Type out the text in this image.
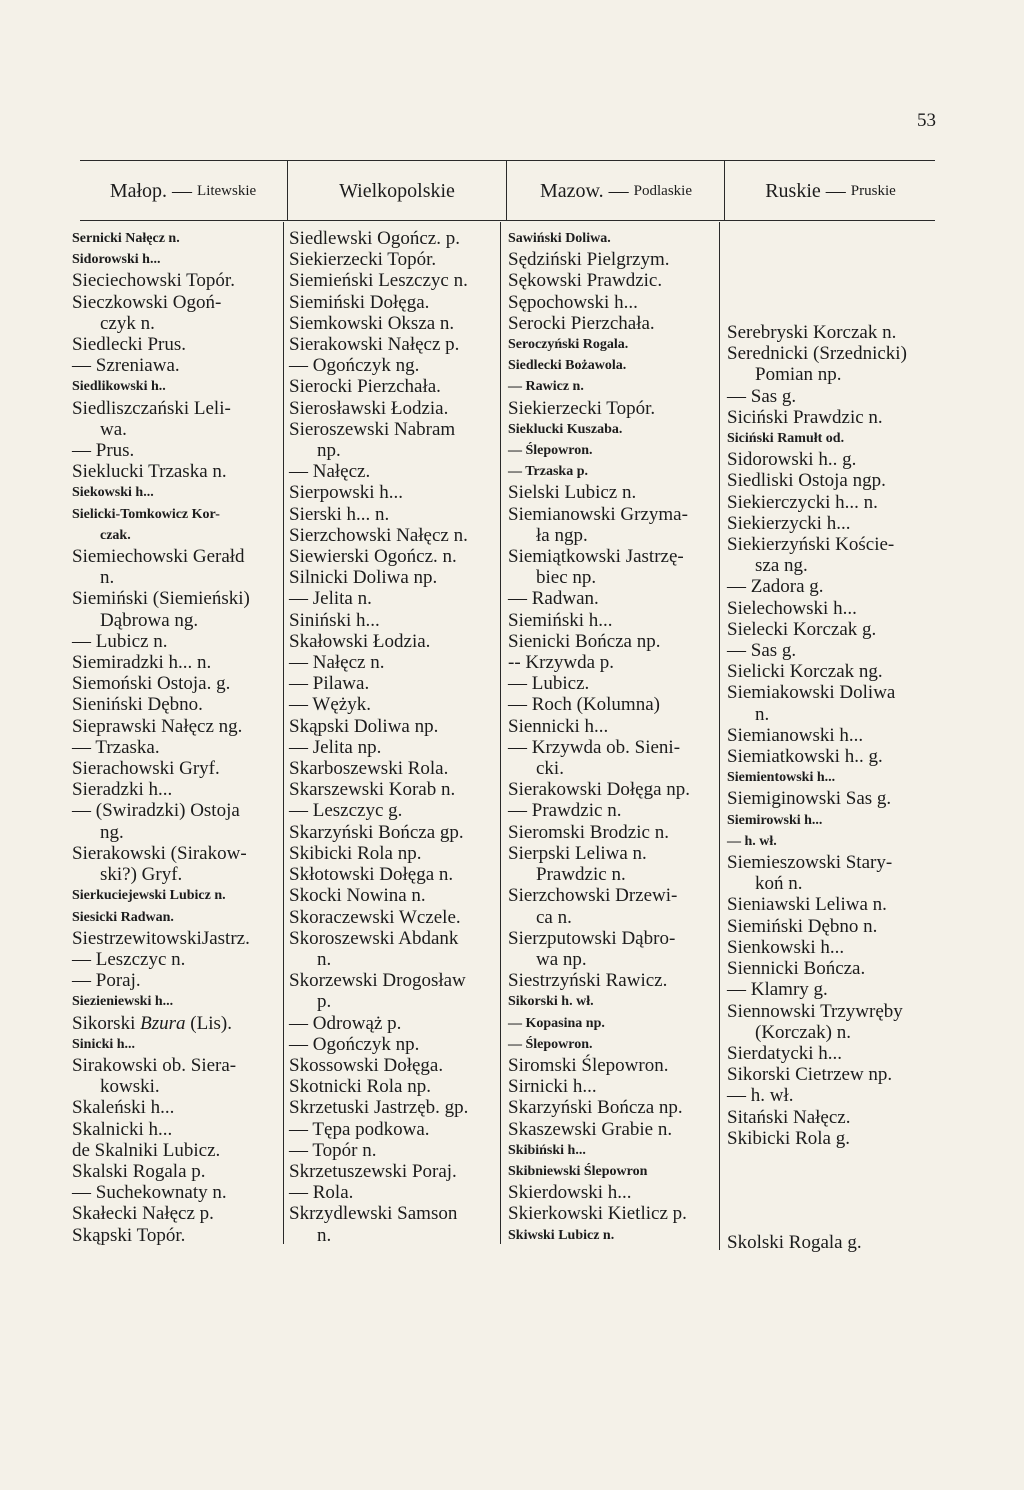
53
Małop. — Litewskie	Wielkopolskie	Mazow. — Podlaskie	Ruskie — Pruskie
Sernicki Nałęcz n.
Sidorowski h...
Sieciechowski Topór.
Sieczkowski Ogoń-
czyk n.
Siedlecki Prus.
— Szreniawa.
Siedlikowski h..
Siedliszczański Leli-
wa.
— Prus.
Sieklucki Trzaska n.
Siekowski h...
Sielicki-Tomkowicz Kor-
czak.
Siemiechowski Gerałd
n.
Siemiński (Siemieński)
Dąbrowa ng.
— Lubicz n.
Siemiradzki h... n.
Siemoński Ostoja. g.
Sieniński Dębno.
Sieprawski Nałęcz ng.
— Trzaska.
Sierachowski Gryf.
Sieradzki h...
— (Swiradzki) Ostoja
ng.
Sierakowski (Sirakow-
ski?) Gryf.
Sierkuciejewski Lubicz n.
Siesicki Radwan.
SiestrzewitowskiJastrz.
— Leszczyc n.
— Poraj.
Siezieniewski h...
Sikorski Bzura (Lis).
Sinicki h...
Sirakowski ob. Siera-
kowski.
Skaleński h...
Skalnicki h...
de Skalniki Lubicz.
Skalski Rogala p.
— Suchekownaty n.
Skałecki Nałęcz p.
Skąpski Topór.
Siedlewski Ogończ. p.
Siekierzecki Topór.
Siemieński Leszczyc n.
Siemiński Dołęga.
Siemkowski Oksza n.
Sierakowski Nałęcz p.
— Ogończyk ng.
Sierocki Pierzchała.
Sierosławski Łodzia.
Sieroszewski Nabram
np.
— Nałęcz.
Sierpowski h...
Sierski h... n.
Sierzchowski Nałęcz n.
Siewierski Ogończ. n.
Silnicki Doliwa np.
— Jelita n.
Siniński h...
Skałowski Łodzia.
— Nałęcz n.
— Pilawa.
— Wężyk.
Skąpski Doliwa np.
— Jelita np.
Skarboszewski Rola.
Skarszewski Korab n.
— Leszczyc g.
Skarzyński Bończa gp.
Skibicki Rola np.
Skłotowski Dołęga n.
Skocki Nowina n.
Skoraczewski Wczele.
Skoroszewski Abdank
n.
Skorzewski Drogosław
p.
— Odrowąż p.
— Ogończyk np.
Skossowski Dołęga.
Skotnicki Rola np.
Skrzetuski Jastrzęb. gp.
— Tępa podkowa.
— Topór n.
Skrzetuszewski Poraj.
— Rola.
Skrzydlewski Samson
n.
Sawiński Doliwa.
Sędziński Pielgrzym.
Sękowski Prawdzic.
Sępochowski h...
Serocki Pierzchała.
Seroczyński Rogala.
Siedlecki Bożawola.
— Rawicz n.
Siekierzecki Topór.
Sieklucki Kuszaba.
— Ślepowron.
— Trzaska p.
Sielski Lubicz n.
Siemianowski Grzyma-
ła ngp.
Siemiątkowski Jastrzę-
biec np.
— Radwan.
Siemiński h...
Sienicki Bończa np.
-- Krzywda p.
— Lubicz.
— Roch (Kolumna)
Siennicki h...
— Krzywda ob. Sieni-
cki.
Sierakowski Dołęga np.
— Prawdzic n.
Sieromski Brodzic n.
Sierpski Leliwa n.
Prawdzic n.
Sierzchowski Drzewi-
ca n.
Sierzputowski Dąbro-
wa np.
Siestrzyński Rawicz.
Sikorski h. wł.
— Kopasina np.
— Ślepowron.
Siromski Ślepowron.
Sirnicki h...
Skarzyński Bończa np.
Skaszewski Grabie n.
Skibiński h...
Skibniewski Ślepowron
Skierdowski h...
Skierkowski Kietlicz p.
Skiwski Lubicz n.
Serebryski Korczak n.
Serednicki (Srzednicki)
Pomian np.
— Sas g.
Siciński Prawdzic n.
Siciński Ramułt od.
Sidorowski h.. g.
Siedliski Ostoja ngp.
Siekierczycki h... n.
Siekierzycki h...
Siekierzyński Koście-
sza ng.
— Zadora g.
Sielechowski h...
Sielecki Korczak g.
— Sas g.
Sielicki Korczak ng.
Siemiakowski Doliwa
n.
Siemianowski h...
Siemiatkowski h.. g.
Siemientowski h...
Siemiginowski Sas g.
Siemirowski h...
— h. wł.
Siemieszowski Stary-
koń n.
Sieniawski Leliwa n.
Siemiński Dębno n.
Sienkowski h...
Siennicki Bończa.
— Klamry g.
Siennowski Trzywręby
(Korczak) n.
Sierdatycki h...
Sikorski Cietrzew np.
— h. wł.
Sitański Nałęcz.
Skibicki Rola g.
Skolski Rogala g.
